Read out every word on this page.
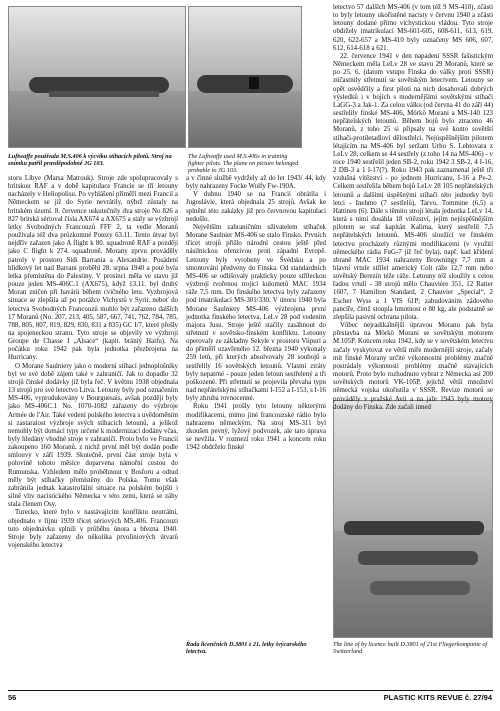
Luftwaffe používala M.S.406 k výcviku stíhacích pilotů. Stroj na snímku patřil pravděpodobně JG 103.
The Luftwaffe used M.S.406s in training fighter pilots. The plane on picture belonged probable to JG 103.
Řada licenčních D.3801 z 21. letky švýcarského letectva.
The line of by licence built D.3801 of 21st Fliegerkompanie of Switzerland

letectvo 57 dalších MS-406 (v tom též 9 MS-410), zčásti to byly letouny ukořistěné nacisty v červnu 1940 a zčásti letouny dodané přímo vichystickou vládou. Tyto stroje obdržely imatrikulaci MS-601-605, 608-611, 613, 619, 620, 622-657 a MS-410 byly označeny MS 606, 607, 612, 614-618 a 621.

22. července 1941 v den napadení SSSR fašistickým Německem měla LeLv 28 ve stavu 29 Moranů, které se po 25. 6. (datum vstupu Finska do války proti SSSR) zúčastnily střetnutí se sovětským letectvem. Letouny se opět osvědčily a first piloti na nich dosahovali dobrých výsledků i v bojích s modernějšími sovětskými stíhači LaGG-3 a Jak-1. Za celou válku (od června 41 do září 44) sestřelily finské MS-406, Mörkö Morani a MS-140 123 nepřátelských letounů. Během bojů bylo ztraceno 46 Moranů, z toho 25 si připsaly na své konto sovětští stíhači-protiletadloví dělostřelci. Nejúspěšnějším pilotem létajícím na MS-406 byl seržant Urho S. Lehtovara z LeLv 28, celkem se 44 sestřely (z toho 14 na MS-406) - v roce 1940 sestřelil jeden SB-2, roku 1942 3 SB-2, 4 I-16, 2 DB-3 a 1 I-17(?). Roku 1943 pak zaznamenal ještě tři vzdušná vítězství - po jednom Hurricanu, I-16 a Pe-2. Celkem sestřelila během bojů LeLv 28 105 nepřátelských letounů a dalšími úspěšnými stíhači této jednotky byli letci - Inehmo (7 sestřelů), Tarvo, Tommine (6,5) a Hattinen (6). Dále s těmito stroji létala jednotka LeLv 14, která s nimi dosáhla 18 vítězství, jejím nejúspěšnějším pilotem se stal kapitán Kalima, který sestřelil 7,5 nepřátelských letounů. MS-406 sloužící ve finském letectvu procházely různými modifikacemi (v využití německého rádia FuG-7 již řeč byla), např. kad křídení zbraně MAC 1934 nahrazeny Browningy 7,7 mm a hlavní vrtule střílel americký Colt ráže 12,7 mm nebo sovětský Berezin téže ráže. Letouny též sloužily s celou řadou vrtulí - 38 strojů mělo Chauvière 351, 12 Ratier 1607, 7 Hamilton Standard, 2 Chauvier „Special“, 2 Escher Wyss a 1 VIS 61P; zabudováním zádového pancíře, čímž stoupla hmotnost o 80 kg, ale podstatně se zlepšila pasivní ochrana pilota.

Vůbec nejradikálnější úpravou Moranu pak byla přestavba na Mörkö Morani se sovětským motorem M.105P. Koncem roku 1942, kdy se v sovětském letectvu začaly vyskytovat ve větší míře modernější stroje, začaly mít finské Morany určité výkonnostní problémy značně postrádaly výkonnosti problémy značně stávajících motorů. Proto bylo rozhodnuto vybrat z Německa asi 200 sovětských motorů VK-105P, jejichž větší množství německá vojska ukořistila v SSSR. Revize motorů se prováděly v pražské Avii a na jaře 1943 byly motory dodány do Finska. Zde začali inned

storu Libye (Marsa Matrouk). Stroje zde spolupracovaly s britskou RAF a v době kapitulace Francie se tří letouny nacházely v Heliopolisu. Po vyhlášení příměří mezi Francií a Německem se již do Syrie nevrátily, nýbrž zůstaly na britském území. 8. července uskutečnily dva stroje No 826 a 827 britská sérioval čísla AX674 a AX675 a staly se výzbrojí letky Svobodných Francouzů FFF 2, ta vedle Moranů používala též dva průzkumné Potezy 63.11. Tento útvar byl nejdřív zařazen jako A flight k 80. squadroně RAF a později jako C flight k 274. squadroně. Morany zprvu prováděly patroly v prostoru Sidi Barrania a Alexandrie. Posádení hlídkový let nad Barrani proběhl 28. srpna 1940 a poté byla letka přemístěna do Palestiny. V prosinci měla ve stavu již pouze jeden MS-406C.1 (AX675), když 13.11. byl druhý Moran zničen při havárii během cvičného letu. Vyzbrojová situace se zlepšila až po porážce Vichystů v Syrii, neboť do letectva Svobodných Francouzů mohlo být zařazeno dalších 17 Moranů (No. 207, 213, 405, 587, 667, 741, 762, 784, 785, 788, 805, 807, 819, 829, 830, 831 a 835) GC I/7, které přešly na spojeneckou stranu. Tyto stroje se objevily ve výzbroji Groupe de Chasse I „Alsace“ (kapit. brániý Haifu). Na počátku roku 1942 pak byla jednotka přezbrojena na Hurricany.

O Morane Saulniery jako o moderní stíhací jednoplošníky byl ve své době zájem také v zahraničí. Jak to dopadlo 32 strojů činské dodávky již byla řeč. V květnu 1938 objednala 13 strojů pro své letectvo Litva. Letouny byly pod označením MS-406, vyprodukovány v Bourguesais, avšak později byly jako MS-406C.1 No. 1070-1082 zařazeny do výzbroje Armée de l'Air. Také vedení polského letectva s uvědoměním si zastaralost výzbroje svých stíhacích letounů, a jelikož nemohly být domácí typy určené k modernizaci dodány včas, byly hledány vhodné stroje v zahraničí. Proto bylo ve Francii zakoupeno 160 Moranů, z nichž první měl být dodán podle smlouvy v září 1939. Skutečně, první část stroje byla v polovině tohoto měsíce doparvena námořní cestou do Rumunska. Vzhledem mělo proběhnout v Bosforu a odtud měly být stíhačky přemístěny do Polska. Tomu však zabránila jednak katastrofální situace na polském bojišti i silně vliv nacistického Německa v této zemi, která se záhy stala členem Osy.

Turecko, které bylo v nastávajícím konfliktu neutrální, objednalo v říjnu 1939 třicet sériových MS.406. Francouzi tuto objednávku splnili v průběhu února a března 1940. Stroje byly zařazeny do několika prvoliniových útvarů vojenského letectva

a v činné službě vydržely až do let 1943/ 44, kdy byly nahrazeny Focke Wulfy Fw-190A.

V dubnu 1940 se na Francii obrátila i Jugoslávie, která objednala 25 strojů. Avšak ke splnění této zakázky již pro červnovou kapitulaci nedošlo.

Největším zahraničním uživatelem stíhaček Morane Saulnier MS-406 se stalo Finsko. Prvních třicet strojů přišlo národní cestou ještě před násilnickou ofenzivou proti západní Evropě. Letouny byly vyrobeny ve Švédsku a po smontování předveny do Finska. Od standardních MS-406 se odlišovaly prakticky pouze stříleckou výzbrojí tvořenou trojicí kulometů MAC 1934 ráže 7,5 mm. Do finského letectva byly zařazeny pod imatrikulací MS-301/330. V únoru 1940 byla Morane Saulniery MS-406 výzbrojena první jednotka finského letectva, LeLv 28 pod vedením majora Jusu. Stroje ještě stačily zasáhnout do střetnutí v sovětsko-finském konfliktu. Letouny operovaly ze základny Sekyle v prostoru Viipuri a do příměří uzavřeného 12. března 1940 vykonaly 259 letů, při kterých absolvovaly 28 soubojů a sestřelily 16 sovětských letounů. Vlastní ztráty byly nepatrné - pouze jeden letoun sestřelený a tři poškozené. Při střetnutí se projevila převaha typu nad nepřátelskými stíhačkami I-152 a I-153, s I-16 byly zhruba rovnocenné.

Roku 1941 prošly tyto letouny některými modifikacemi, mimo jiné francouzské rádio bylo nahrazeno německým. Na stroj MS-311 byl zkoušen pevný, lyžový podvozek, ale tato úprava se nevžila. V rozmezí roku 1941 a koncem roku 1942 obdrželo finské

56	PLASTIC KITS REVUE č. 27/94
